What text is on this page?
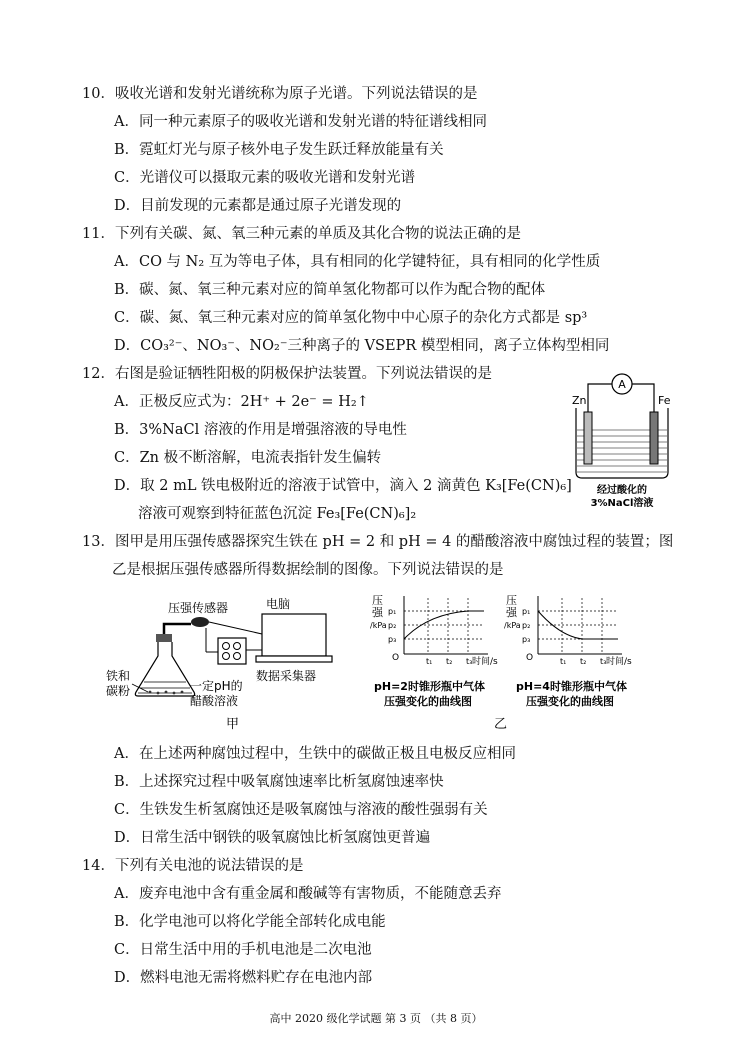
10．吸收光谱和发射光谱统称为原子光谱。下列说法错误的是
A．同一种元素原子的吸收光谱和发射光谱的特征谱线相同
B．霓虹灯光与原子核外电子发生跃迁释放能量有关
C．光谱仪可以摄取元素的吸收光谱和发射光谱
D．目前发现的元素都是通过原子光谱发现的
11．下列有关碳、氮、氧三种元素的单质及其化合物的说法正确的是
A．CO 与 N₂ 互为等电子体，具有相同的化学键特征，具有相同的化学性质
B．碳、氮、氧三种元素对应的简单氢化物都可以作为配合物的配体
C．碳、氮、氧三种元素对应的简单氢化物中中心原子的杂化方式都是 sp³
D．CO₃²⁻、NO₃⁻、NO₂⁻三种离子的 VSEPR 模型相同，离子立体构型相同
12．右图是验证牺牲阳极的阴极保护法装置。下列说法错误的是
A．正极反应式为：2H⁺ + 2e⁻ = H₂↑
B．3%NaCl 溶液的作用是增强溶液的导电性
C．Zn 极不断溶解，电流表指针发生偏转
D．取 2 mL 铁电极附近的溶液于试管中，滴入 2 滴黄色 K₃[Fe(CN)₆]
溶液可观察到特征蓝色沉淀 Fe₃[Fe(CN)₆]₂
A
Zn	Fe
经过酸化的
3%NaCl溶液
13．图甲是用压强传感器探究生铁在 pH = 2 和 pH = 4 的醋酸溶液中腐蚀过程的装置；图
乙是根据压强传感器所得数据绘制的图像。下列说法错误的是
压强传感器	电脑
数据采集器
铁和
碳粉	一定pH的
醋酸溶液
甲
压
强
/kPa
O
p₁
p₂
p₃
t₁ t₂ t₃ 时间/s
压
强
/kPa
O
p₁
p₂
p₃
t₁ t₂ t₃ 时间/s
pH=2时锥形瓶中气体
压强变化的曲线图
pH=4时锥形瓶中气体
压强变化的曲线图
乙
A．在上述两种腐蚀过程中，生铁中的碳做正极且电极反应相同
B．上述探究过程中吸氧腐蚀速率比析氢腐蚀速率快
C．生铁发生析氢腐蚀还是吸氧腐蚀与溶液的酸性强弱有关
D．日常生活中钢铁的吸氧腐蚀比析氢腐蚀更普遍
14．下列有关电池的说法错误的是
A．废弃电池中含有重金属和酸碱等有害物质，不能随意丢弃
B．化学电池可以将化学能全部转化成电能
C．日常生活中用的手机电池是二次电池
D．燃料电池无需将燃料贮存在电池内部
高中 2020 级化学试题 第 3 页 （共 8 页）
